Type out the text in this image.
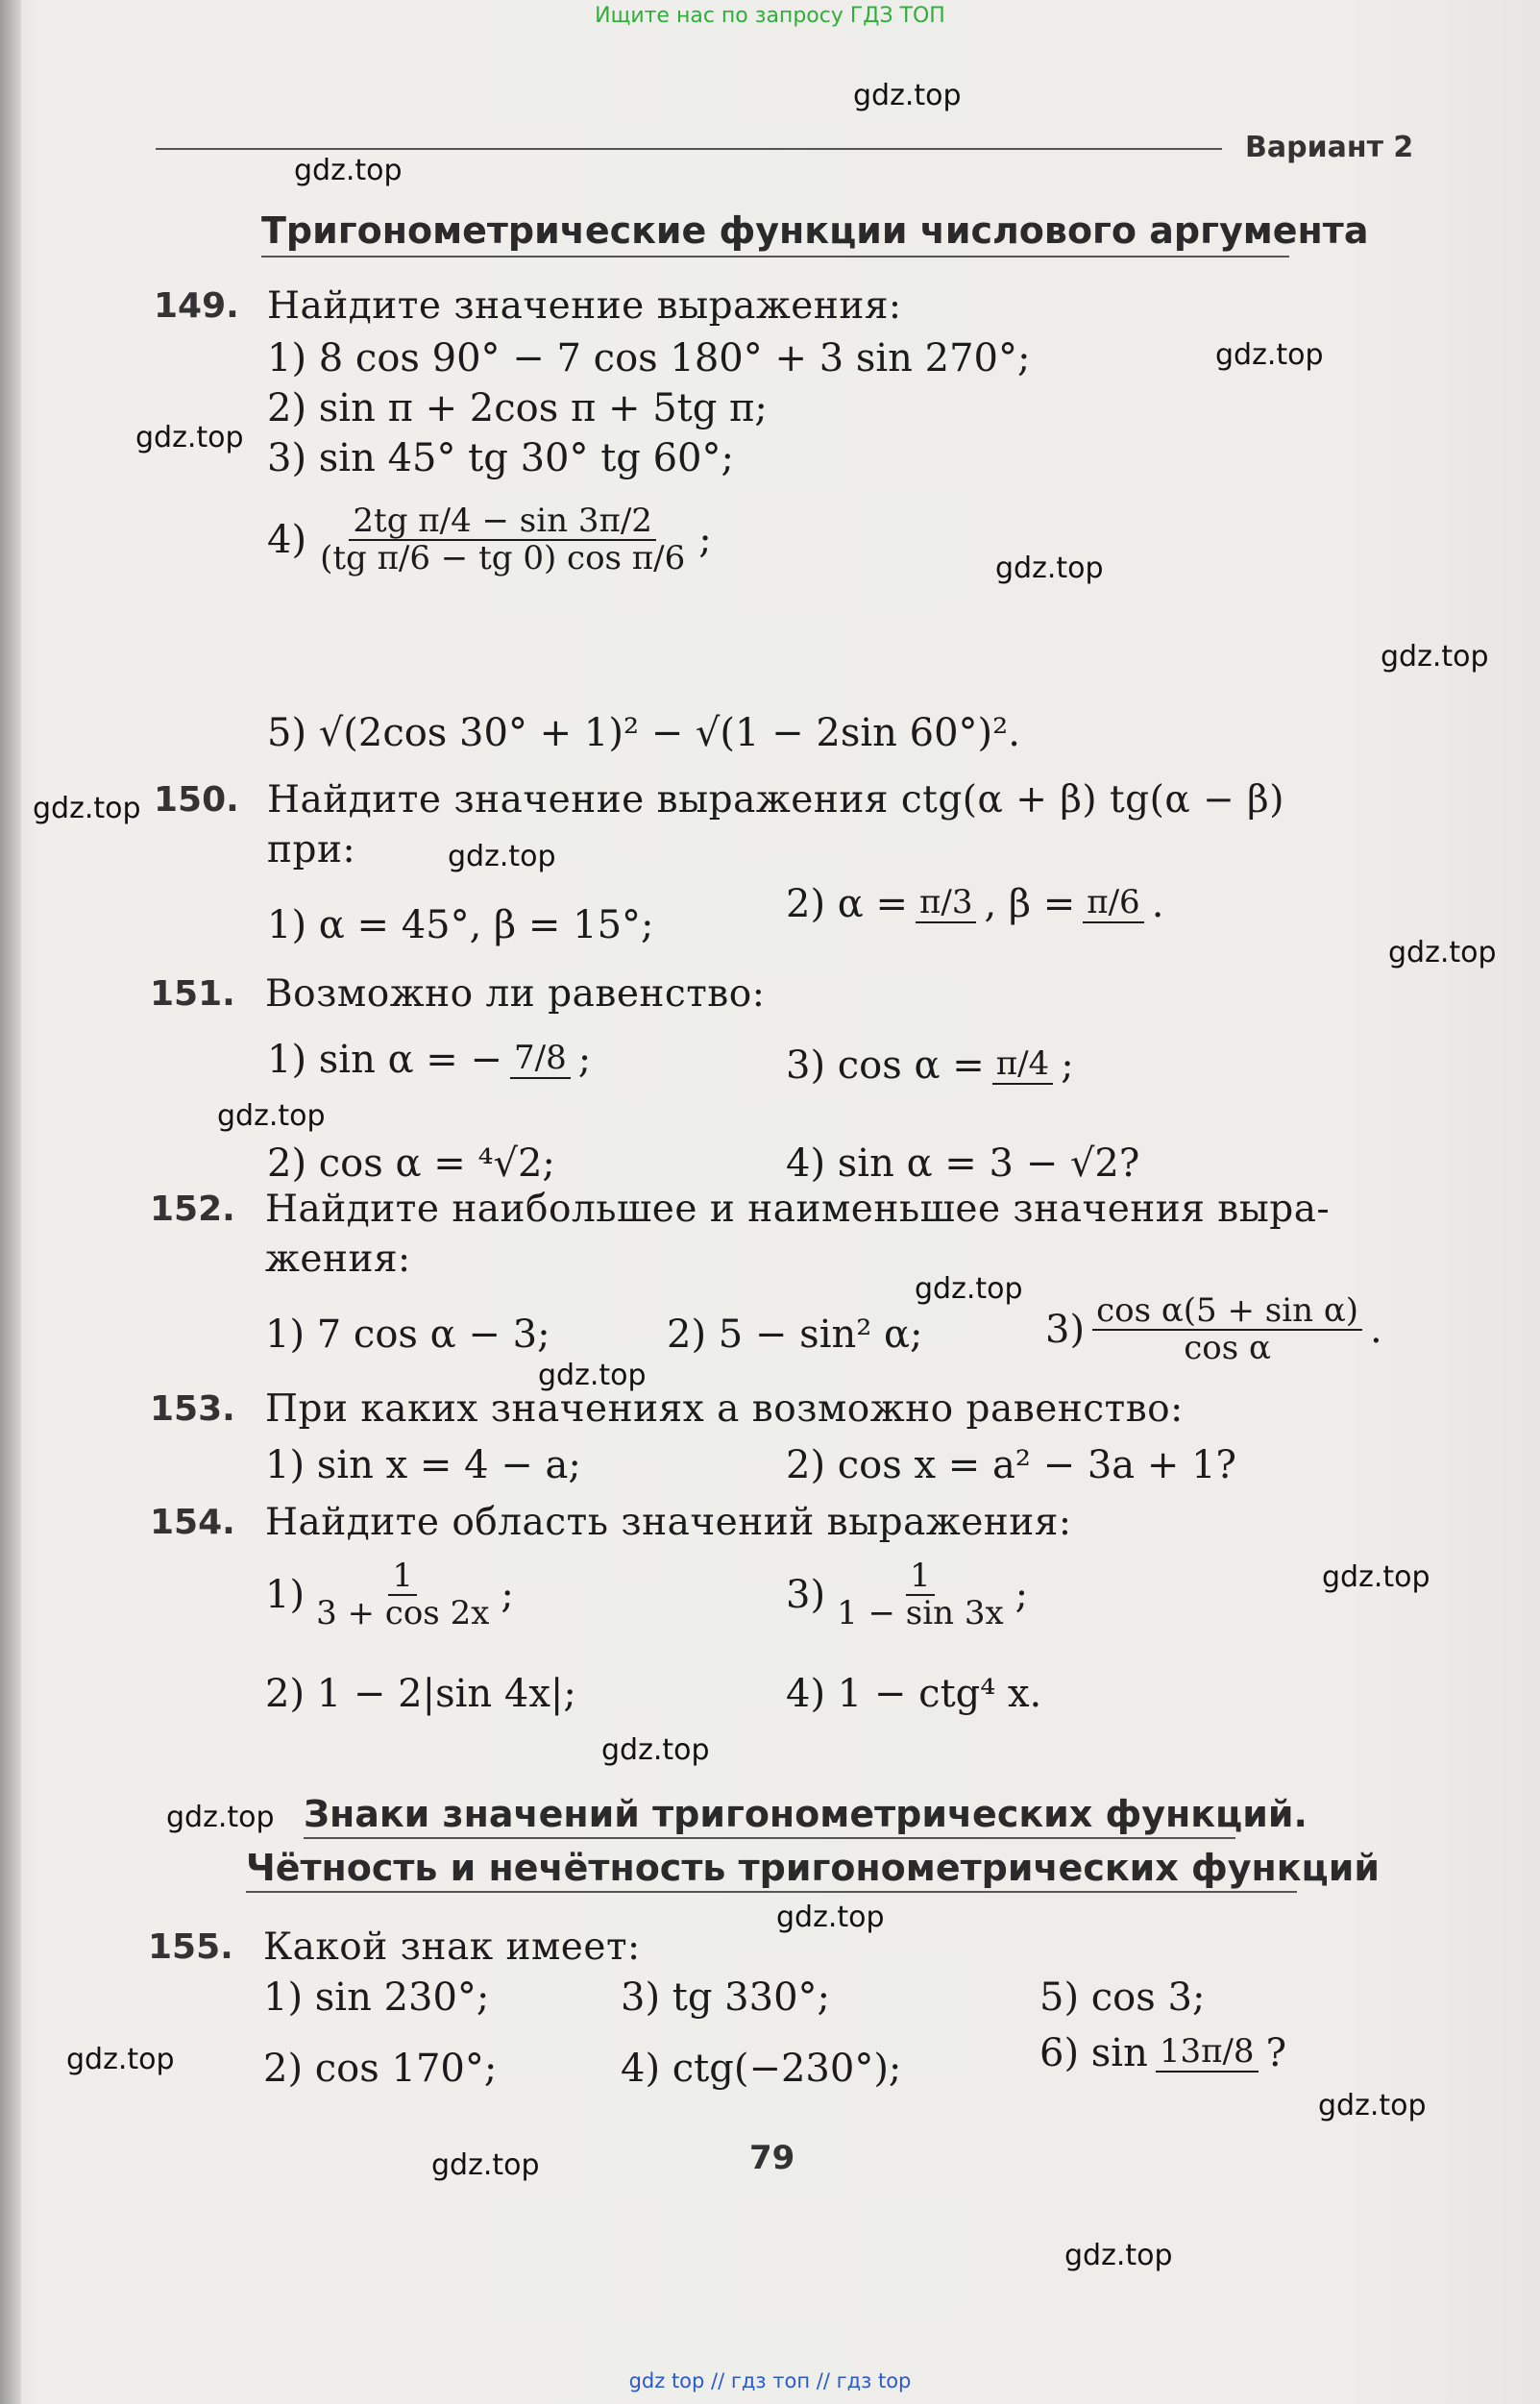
Ищите нас по запросу ГДЗ ТОП
gdz.top
gdz.top
gdz.top
gdz.top
gdz.top
gdz.top
gdz.top
gdz.top
gdz.top
gdz.top
gdz.top
gdz.top
gdz.top
gdz.top
gdz.top
gdz.top
gdz.top
gdz.top
gdz.top
gdz.top
Вариант 2
Тригонометрические функции числового аргумента
149. Найдите значение выражения:
1) 8 cos 90° − 7 cos 180° + 3 sin 270°;
2) sin π + 2cos π + 5tg π;
3) sin 45° tg 30° tg 60°;
$4) \frac{\text{2tg π/4 − sin 3π/2}}{\text{(tg π/6 − tg 0) cos π/6}}$ ;
5) √(2cos 30° + 1)² − √(1 − 2sin 60°)².
150. Найдите значение выражения ctg(α + β) tg(α − β)
при:
1) α = 45°, β = 15°;	2) α = π/3 , β = π/6 .
151. Возможно ли равенство:
1) sin α = − 7/8 ;	3) cos α = π/4 ;
2) cos α = ⁴√2;	4) sin α = 3 − √2?
152. Найдите наибольшее и наименьшее значения выра-
жения:
1) 7 cos α − 3;	2) 5 − sin² α;	$3) \frac{\text{cos α(5 + sin α)}}{\text{cos α}}$ .
153. При каких значениях a возможно равенство:
1) sin x = 4 − a;	2) cos x = a² − 3a + 1?
154. Найдите область значений выражения:
$1) \frac{1}{3 + \cos 2x}$ ;	$3) \frac{1}{1 - \sin 3x}$ ;
2) 1 − 2|sin 4x|;	4) 1 − ctg⁴ x.
Знаки значений тригонометрических функций.
Чётность и нечётность тригонометрических функций
155. Какой знак имеет:
1) sin 230°;	3) tg 330°;	5) cos 3;
2) cos 170°;	4) ctg(−230°);	6) sin 13π/8 ?
79
gdz top // гдз топ // гдз top
